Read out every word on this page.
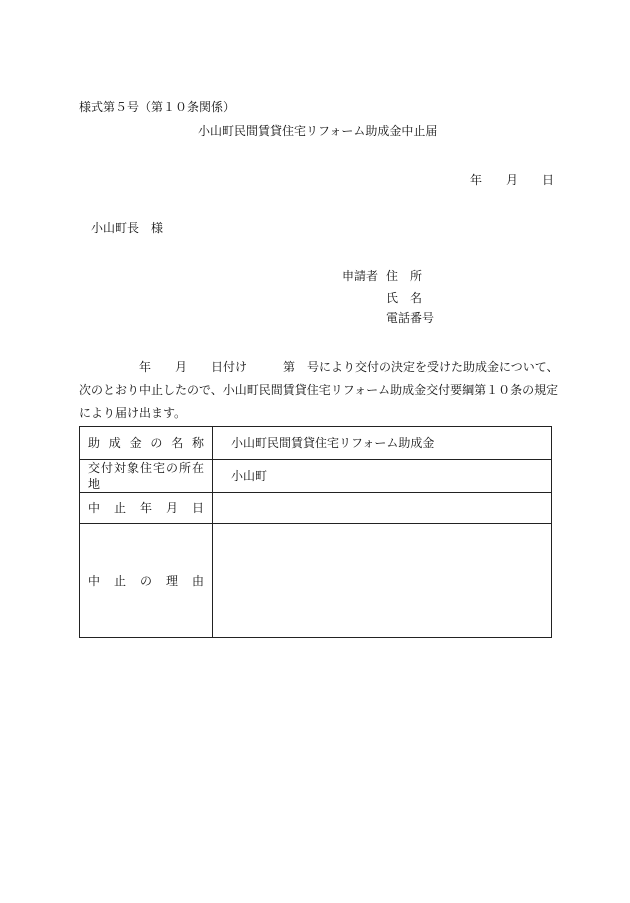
様式第５号（第１０条関係）
小山町民間賃貸住宅リフォーム助成金中止届
年 月 日
小山町長　様
申請者 住　所
氏　名
電話番号
　　　　　年　　月　　日付け　　　第　号により交付の決定を受けた助成金について、
次のとおり中止したので、小山町民間賃貸住宅リフォーム助成金交付要綱第１０条の規定
により届け出ます。
助成金の名称	小山町民間賃貸住宅リフォーム助成金

交付対象住宅の所在地	小山町

中止年月日	

中止の理由	
